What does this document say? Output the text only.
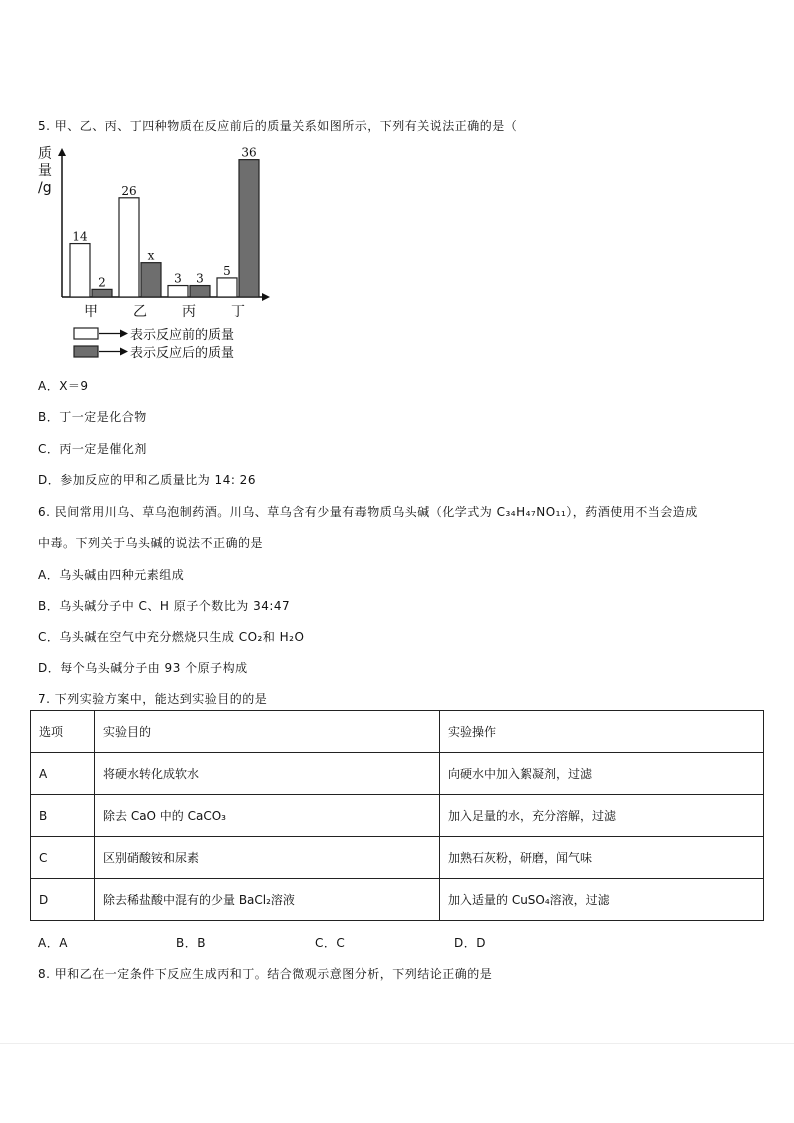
5. 甲、乙、丙、丁四种物质在反应前后的质量关系如图所示，下列有关说法正确的是（
质
量
/g
14
2
甲
26
x
乙
3 3
丙
5
36
丁
表示反应前的质量
表示反应后的质量
A．X＝9
B．丁一定是化合物
C．丙一定是催化剂
D．参加反应的甲和乙质量比为 14: 26
6. 民间常用川乌、草乌泡制药酒。川乌、草乌含有少量有毒物质乌头碱（化学式为 C₃₄H₄₇NO₁₁），药酒使用不当会造成
中毒。下列关于乌头碱的说法不正确的是
A．乌头碱由四种元素组成
B．乌头碱分子中 C、H 原子个数比为 34:47
C．乌头碱在空气中充分燃烧只生成 CO₂和 H₂O
D．每个乌头碱分子由 93 个原子构成
7. 下列实验方案中，能达到实验目的的是
选项	实验目的	实验操作
A	将硬水转化成软水	向硬水中加入絮凝剂，过滤
B	除去 CaO 中的 CaCO₃	加入足量的水，充分溶解，过滤
C	区别硝酸铵和尿素	加熟石灰粉，研磨，闻气味
D	除去稀盐酸中混有的少量 BaCl₂溶液	加入适量的 CuSO₄溶液，过滤
A．A	B．B	C．C	D．D
8. 甲和乙在一定条件下反应生成丙和丁。结合微观示意图分析，下列结论正确的是
